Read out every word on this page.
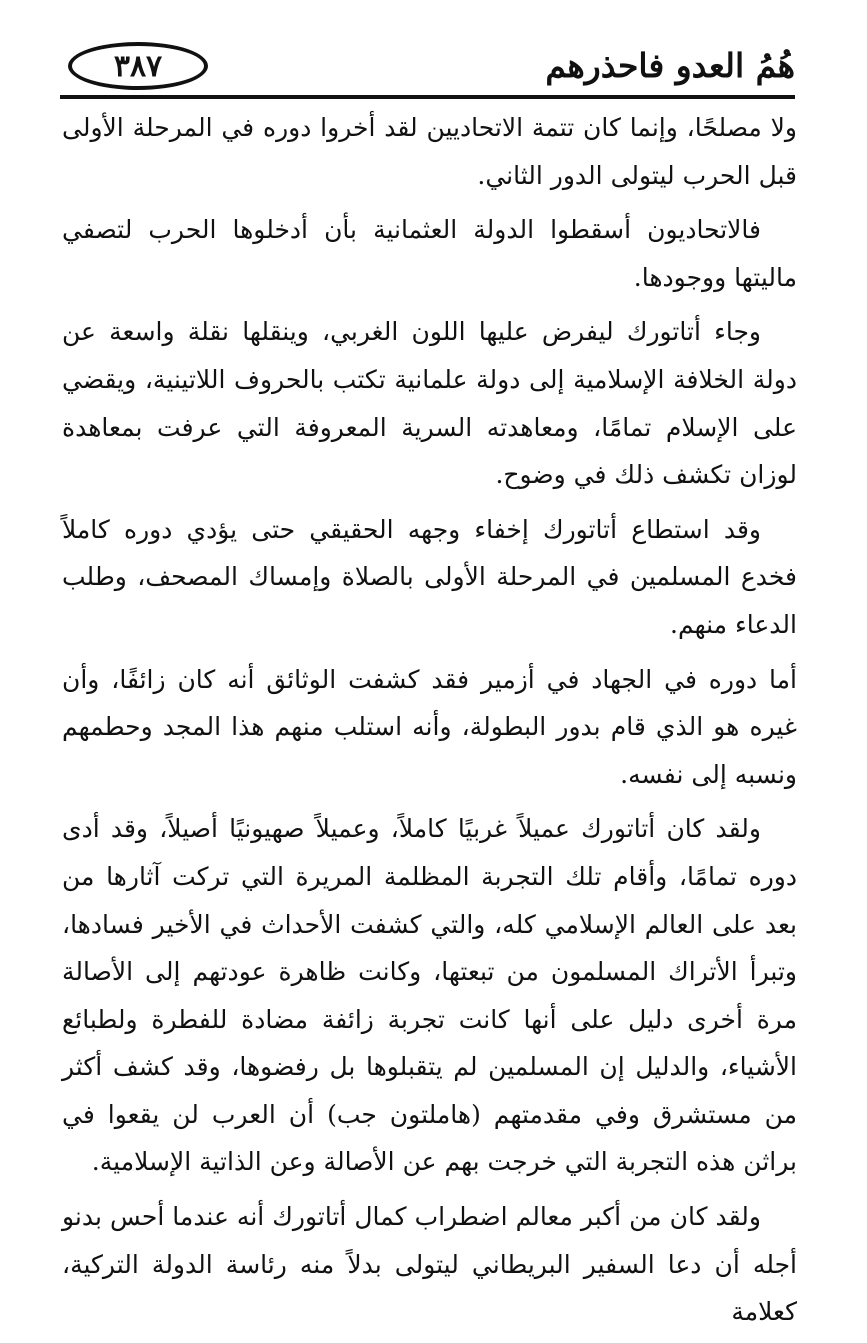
٣٨٧	هُمُ العدو فاحذرهم

ولا مصلحًا، وإنما كان تتمة الاتحاديين لقد أخروا دوره في المرحلة الأولى قبل الحرب ليتولى الدور الثاني.

فالاتحاديون أسقطوا الدولة العثمانية بأن أدخلوها الحرب لتصفي ماليتها ووجودها.

وجاء أتاتورك ليفرض عليها اللون الغربي، وينقلها نقلة واسعة عن دولة الخلافة الإسلامية إلى دولة علمانية تكتب بالحروف اللاتينية، ويقضي على الإسلام تمامًا، ومعاهدته السرية المعروفة التي عرفت بمعاهدة لوزان تكشف ذلك في وضوح.

وقد استطاع أتاتورك إخفاء وجهه الحقيقي حتى يؤدي دوره كاملاً فخدع المسلمين في المرحلة الأولى بالصلاة وإمساك المصحف، وطلب الدعاء منهم.

أما دوره في الجهاد في أزمير فقد كشفت الوثائق أنه كان زائفًا، وأن غيره هو الذي قام بدور البطولة، وأنه استلب منهم هذا المجد وحطمهم ونسبه إلى نفسه.

ولقد كان أتاتورك عميلاً غربيًا كاملاً، وعميلاً صهيونيًا أصيلاً، وقد أدى دوره تمامًا، وأقام تلك التجربة المظلمة المريرة التي تركت آثارها من بعد على العالم الإسلامي كله، والتي كشفت الأحداث في الأخير فسادها، وتبرأ الأتراك المسلمون من تبعتها، وكانت ظاهرة عودتهم إلى الأصالة مرة أخرى دليل على أنها كانت تجربة زائفة مضادة للفطرة ولطبائع الأشياء، والدليل إن المسلمين لم يتقبلوها بل رفضوها، وقد كشف أكثر من مستشرق وفي مقدمتهم (هاملتون جب) أن العرب لن يقعوا في براثن هذه التجربة التي خرجت بهم عن الأصالة وعن الذاتية الإسلامية.

ولقد كان من أكبر معالم اضطراب كمال أتاتورك أنه عندما أحس بدنو أجله أن دعا السفير البريطاني ليتولى بدلاً منه رئاسة الدولة التركية، كعلامة
